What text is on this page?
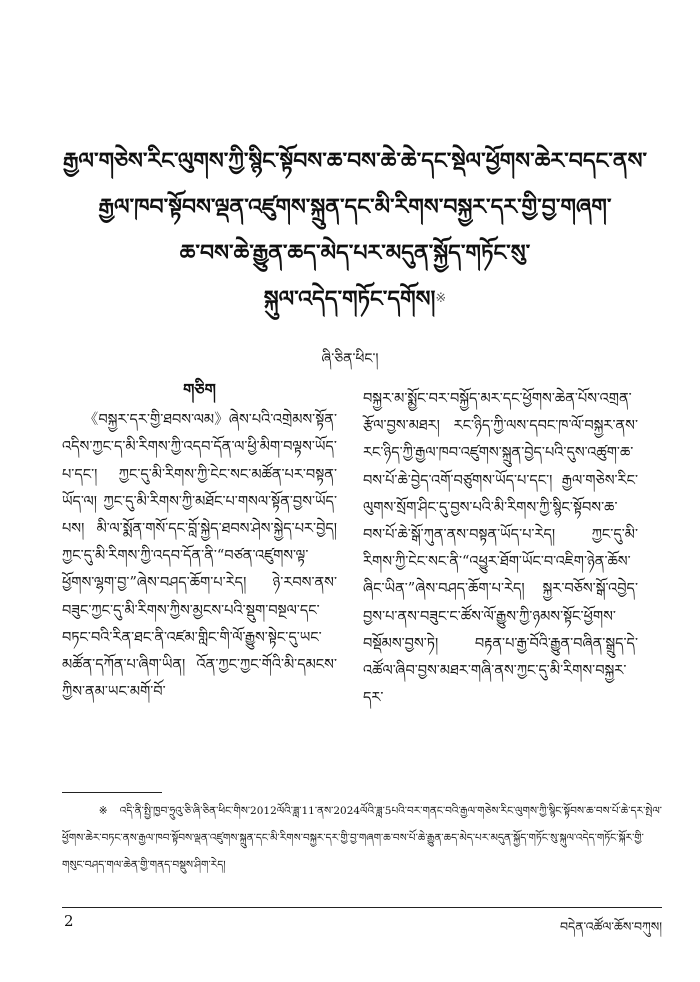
རྒྱལ་གཅེས་རིང་ལུགས་ཀྱི་སྙིང་སྟོབས་ཆ་བས་ཆེ་ཆེ་དང་སྡེལ་ཕྱོགས་ཆེར་བདང་ནས་
རྒྱལ་ཁབ་སྟོབས་ལྡན་འཛུགས་སྐྲུན་དང་མི་རིགས་བསྐྱར་དར་གྱི་བྱ་གཞག་
ཆ་བས་ཆེ་རྒྱུན་ཆད་མེད་པར་མདུན་སྐྱོད་གཏོང་སུ་
སྐུལ་འདེད་གཏོང་དགོས།※
ཞི་ཅིན་ཕིང་།
གཅིག

《བསྐྱར་དར་གྱི་ཐབས་ལམ》ཞེས་པའི་འགྲེམས་སྟོན་འདིས་ཀྱང་ད་མི་རིགས་ཀྱི་འདབ་དོན་ལ་ཕྱི་མིག་བལྟས་ཡོད་པ་དང་། ཀྱང་དུ་མི་རིགས་ཀྱི་ངེང་སང་མཚོན་པར་བསྟན་ཡོད་ལ། ཀྱང་དུ་མི་རིགས་ཀྱི་མཐོང་པ་གསལ་སྟོན་བྱས་ཡོད་པས། མི་ལ་སྨོན་གསོ་དང་བློ་སྐྱེད་ཐབས་ཤེས་སྐྱེད་པར་བྱེད། ཀྱང་དུ་མི་རིགས་ཀྱི་འདབ་དོན་ནི་“བཙན་འཛུགས་ལྟ་ཕྱོགས་ལྷག་བྱ་”ཞེས་བཤད་ཆོག་པ་རེད། ཉེ་རབས་ནས་བཟུང་ཀྱང་དུ་མི་རིགས་ཀྱིས་མྱངས་པའི་སྡུག་བསྔལ་དང་བཏང་བའི་རིན་ཐང་ནི་འཛམ་གླིང་གི་ལོ་རྒྱུས་སྟེང་དུ་ཡང་མཚོན་དཀོན་པ་ཞིག་ཡིན། འོན་ཀྱང་ཀྱང་གོའི་མི་དམངས་ཀྱིས་ནམ་ཡང་མགོ་བོ་

བསྐྱར་མ་སྨྱོང་བར་བསྐྱོད་མར་དང་ཕྱོགས་ཆེན་པོས་འགྲན་རྩོལ་བྱས་མཐར། རང་ཉིད་ཀྱི་ལས་དབང་ཁ་ལོ་བསྐྱར་ནས་རང་ཉིད་ཀྱི་རྒྱལ་ཁབ་འཛུགས་སྐྲུན་བྱེད་པའི་དུས་འཚུག་ཆ་བས་པོ་ཆེ་བྱེད་འགོ་བཙུགས་ཡོད་པ་དང་། རྒྱལ་གཅེས་རིང་ལུགས་སྲོག་ཤིང་དུ་བྱས་པའི་མི་རིགས་ཀྱི་སྙིང་སྟོབས་ཆ་བས་པོ་ཆེ་སྒོ་ཀུན་ནས་བསྟན་ཡོད་པ་རེད། ཀྱང་དུ་མི་རིགས་ཀྱི་ངེང་སང་ནི་“འཕྱུར་ཐོག་ཡོང་བ་འཇིག་ཉེན་ཆོས་ཞིང་ཡིན་”ཞེས་བཤད་ཆོག་པ་རེད། སྐྱར་བཅོས་སྒོ་འབྱེད་བྱས་པ་ནས་བཟུང་ང་ཚོས་ལོ་རྒྱུས་ཀྱི་ཉམས་སྟོང་ཕྱོགས་བསྡོམས་བྱས་ཏེ། བརྟན་པ་རྒྱ་བོའི་རྒྱུན་བཞིན་སྒྲུད་དེ་འཚོལ་ཞིབ་བྱས་མཐར་གཞི་ནས་ཀྱང་དུ་མི་རིགས་བསྐྱར་དར་

※འདི་ནི་སྤྱི་ཁྱབ་ཧྲུའུ་ཅི་ཞི་ཅིན་ཕིང་གིས་2012ལོའི་ཟླ་11་ནས་2024ལོའི་ཟླ་5པའི་བར་གནང་བའི་རྒྱལ་གཅེས་རིང་ལུགས་ཀྱི་སྙིང་སྟོབས་ཆ་བས་པོ་ཆེ་དར་སྤེལ་ཕྱོགས་ཆེར་བཏང་ནས་རྒྱལ་ཁབ་སྟོབས་ལྡན་འཛུགས་སྐྲུན་དང་མི་རིགས་བསྐྱར་དར་གྱི་བྱ་གཞག་ཆ་བས་པོ་ཆེ་རྒྱུན་ཆད་མེད་པར་མདུན་སྐྱོད་གཏོང་སུ་སྐུལ་འདེད་གཏོང་སྐོར་གྱི་གསུང་བཤད་གལ་ཆེན་གྱི་གནད་བསྡུས་ཤིག་རེད།
2	བདེན་འཚོལ་ཆོས་བཀུས།
